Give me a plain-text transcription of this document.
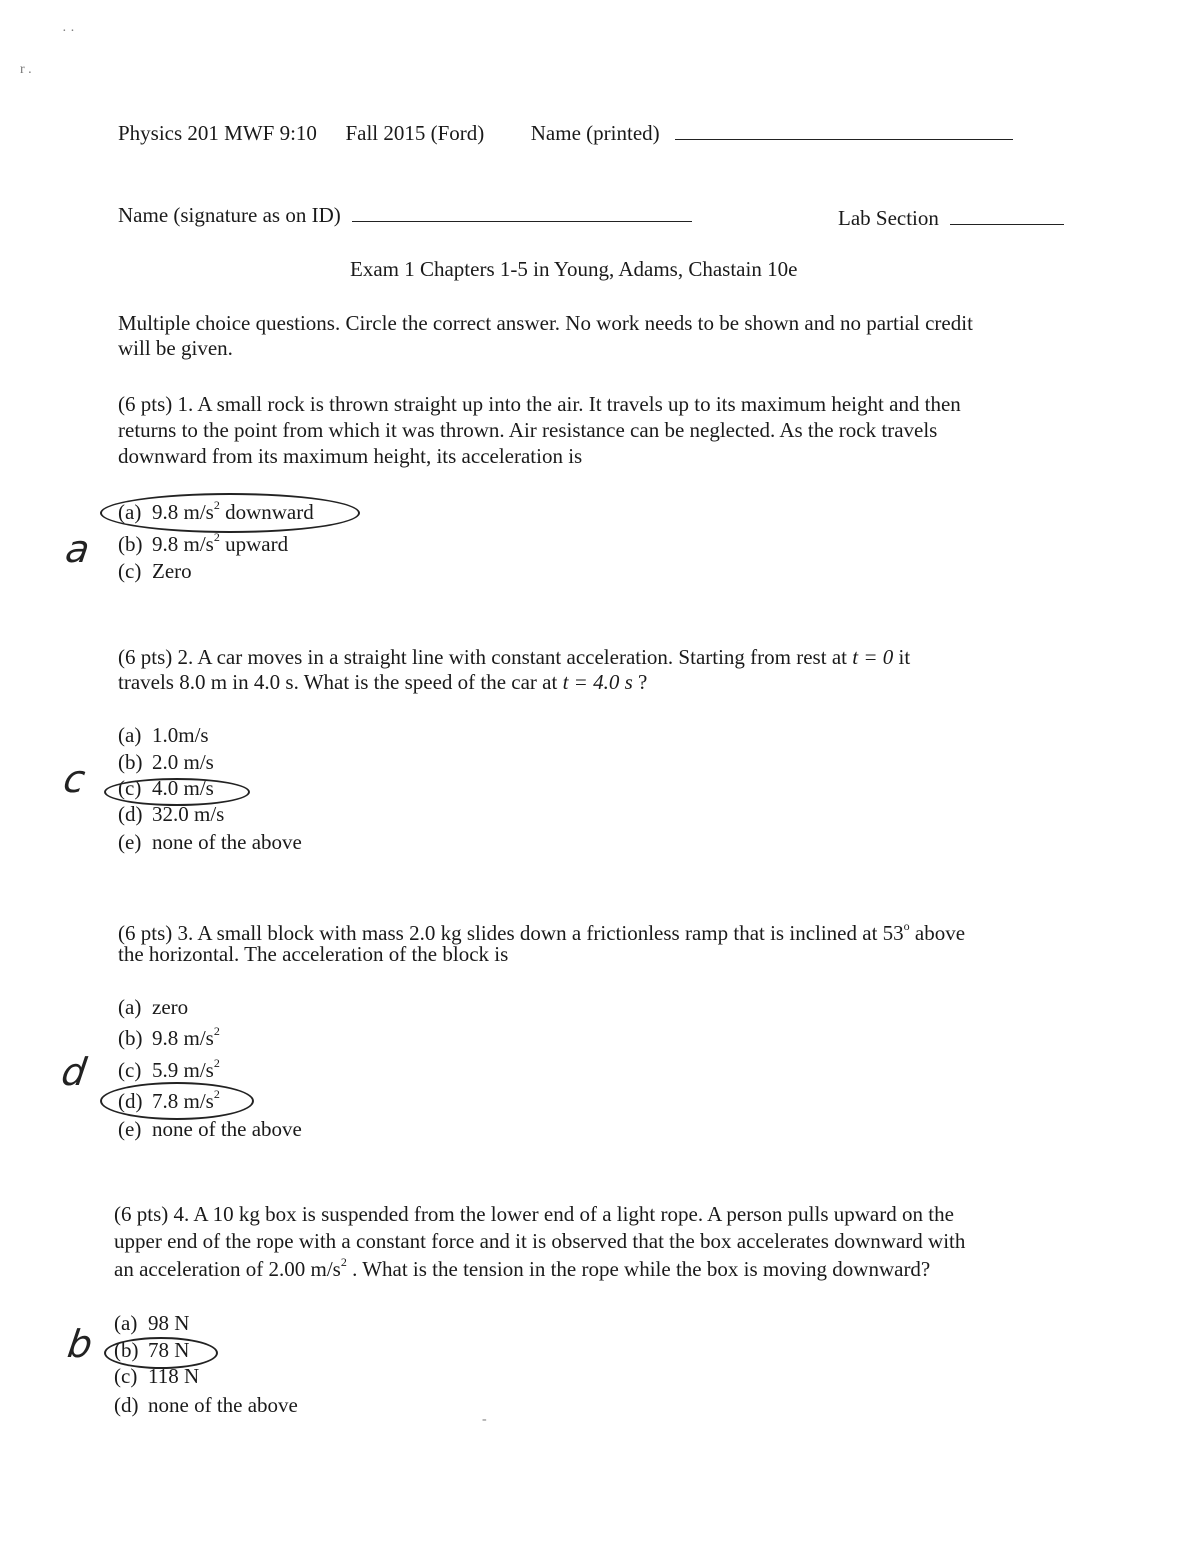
· ·
r .
Physics 201 MWF 9:10 Fall 2015 (Ford) Name (printed)
Name (signature as on ID)	Lab Section
Exam 1 Chapters 1-5 in Young, Adams, Chastain 10e
Multiple choice questions. Circle the correct answer. No work needs to be shown and no partial credit
will be given.
(6 pts) 1. A small rock is thrown straight up into the air. It travels up to its maximum height and then
returns to the point from which it was thrown. Air resistance can be neglected. As the rock travels
downward from its maximum height, its acceleration is
(a) 9.8 $m/s^2$ downward
(b) 9.8 $m/s^2$ upward
(c) Zero
a
(6 pts) 2. A car moves in a straight line with constant acceleration. Starting from rest at t = 0 it
travels 8.0 m in 4.0 s. What is the speed of the car at t = 4.0 s ?
(a) 1.0m/s
(b) 2.0 m/s
(c) 4.0 m/s
(d) 32.0 m/s
(e) none of the above
c
(6 pts) 3. A small block with mass 2.0 kg slides down a frictionless ramp that is inclined at 53$^o$ above
the horizontal. The acceleration of the block is
(a) zero
(b) 9.8 $m/s^2$
(c) 5.9 $m/s^2$
(d) 7.8 $m/s^2$
(e) none of the above
d
(6 pts) 4. A 10 kg box is suspended from the lower end of a light rope. A person pulls upward on the
upper end of the rope with a constant force and it is observed that the box accelerates downward with
an acceleration of 2.00 $m/s^2$ . What is the tension in the rope while the box is moving downward?
(a) 98 N
(b) 78 N
(c) 118 N
(d) none of the above
b
-
